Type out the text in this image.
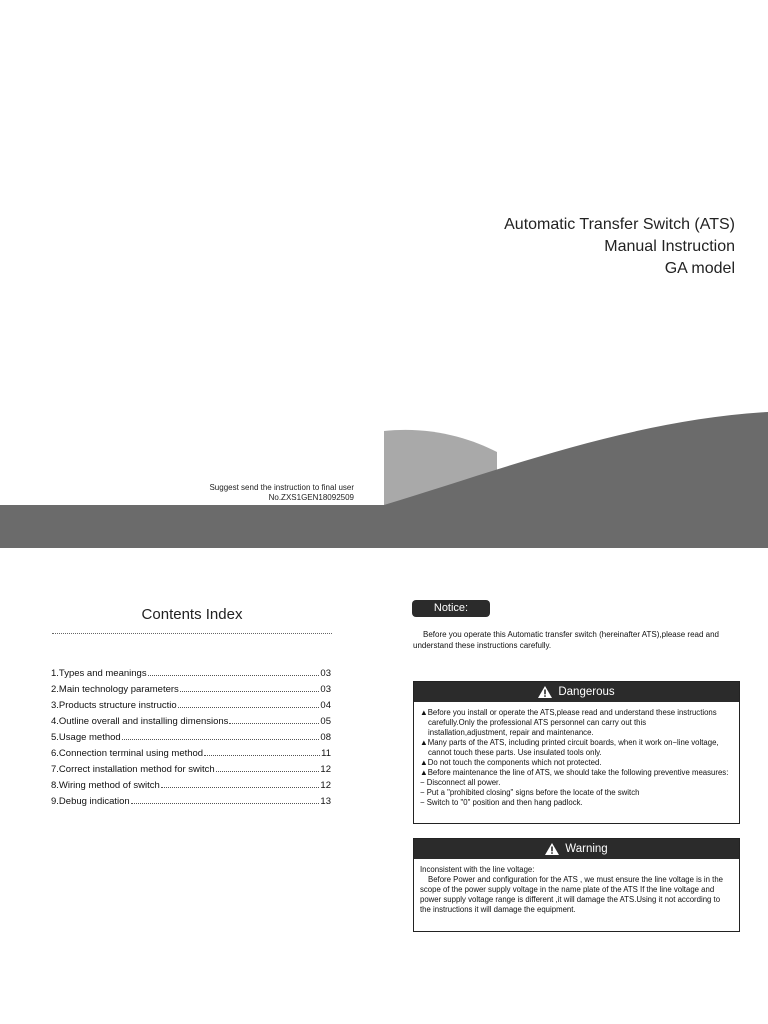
Automatic Transfer Switch (ATS)
Manual Instruction
GA model
Suggest send the instruction to final user
No.ZXS1GEN18092509
Contents Index
1.Types and meanings	03
2.Main technology parameters	03
3.Products structure instructio	04
4.Outline overall and installing dimensions	05
5.Usage method	08
6.Connection terminal using method	11
7.Correct installation method for switch	12
8.Wiring method of switch	12
9.Debug indication	13
Notice:
Before you operate this Automatic transfer switch (hereinafter ATS),please read and understand these instructions carefully.
Dangerous

▲Before you install or operate the ATS,please read and understand these instructions

carefully.Only the professional ATS personnel can carry out this

installation,adjustment, repair and maintenance.

▲Many parts of the ATS, including printed circuit boards, when it work on−line voltage,

cannot touch these parts. Use insulated tools only.

▲Do not touch the components which not protected.

▲Before maintenance the line of ATS, we should take the following preventive measures:

− Disconnect all power.

− Put a "prohibited closing" signs before the locate of the switch

− Switch to "0" position and then hang padlock.

Warning

Inconsistent with the line voltage:

Before Power and configuration for the ATS , we must ensure the line voltage is in the scope of the power supply voltage in the name plate of the ATS If the line voltage and power supply voltage range is different ,it will damage the ATS.Using it not according to the instructions it will damage the equipment.
